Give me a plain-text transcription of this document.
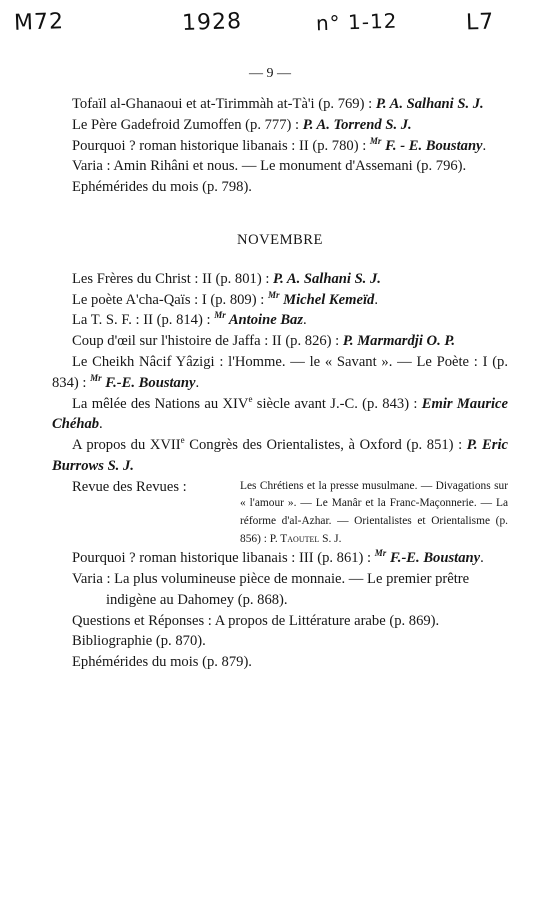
M72	1928	n° 1-12	L7
— 9 —

Tofaïl al-Ghanaoui et at-Tirimmàh at-Tà'i (p. 769) : P. A. Salhani S. J.

Le Père Gadefroid Zumoffen (p. 777) : P. A. Torrend S. J.

Pourquoi ? roman historique libanais : II (p. 780) : $^{Mr}$ F. - E. Boustany.

Varia : Amin Rihâni et nous. — Le monument d'Assemani (p. 796).

Ephémérides du mois (p. 798).

NOVEMBRE

Les Frères du Christ : II (p. 801) : P. A. Salhani S. J.

Le poète A'cha-Qaïs : I (p. 809) : $^{Mr}$ Michel Kemeïd.

La T. S. F. : II (p. 814) : $^{Mr}$ Antoine Baz.

Coup d'œil sur l'histoire de Jaffa : II (p. 826) : P. Marmardji O. P.

Le Cheikh Nâcif Yâzigi : l'Homme. — le « Savant ». — Le Poète : I (p. 834) : $^{Mr}$ F.-E. Boustany.

La mêlée des Nations au XIVe siècle avant J.-C. (p. 843) : Emir Maurice Chéhab.

A propos du XVIIe Congrès des Orientalistes, à Oxford (p. 851) : P. Eric Burrows S. J.

Revue des Revues :	Les Chrétiens et la presse musulmane. — Divagations sur « l'amour ». — Le Manâr et la Franc-Maçonnerie. — La réforme d'al-Azhar. — Orientalistes et Orientalisme (p. 856) : P. Taoutel S. J.

Pourquoi ? roman historique libanais : III (p. 861) : $^{Mr}$ F.-E. Boustany.

Varia : La plus volumineuse pièce de monnaie. — Le premier prêtre indigène au Dahomey (p. 868).

Questions et Réponses : A propos de Littérature arabe (p. 869).

Bibliographie (p. 870).

Ephémérides du mois (p. 879).
